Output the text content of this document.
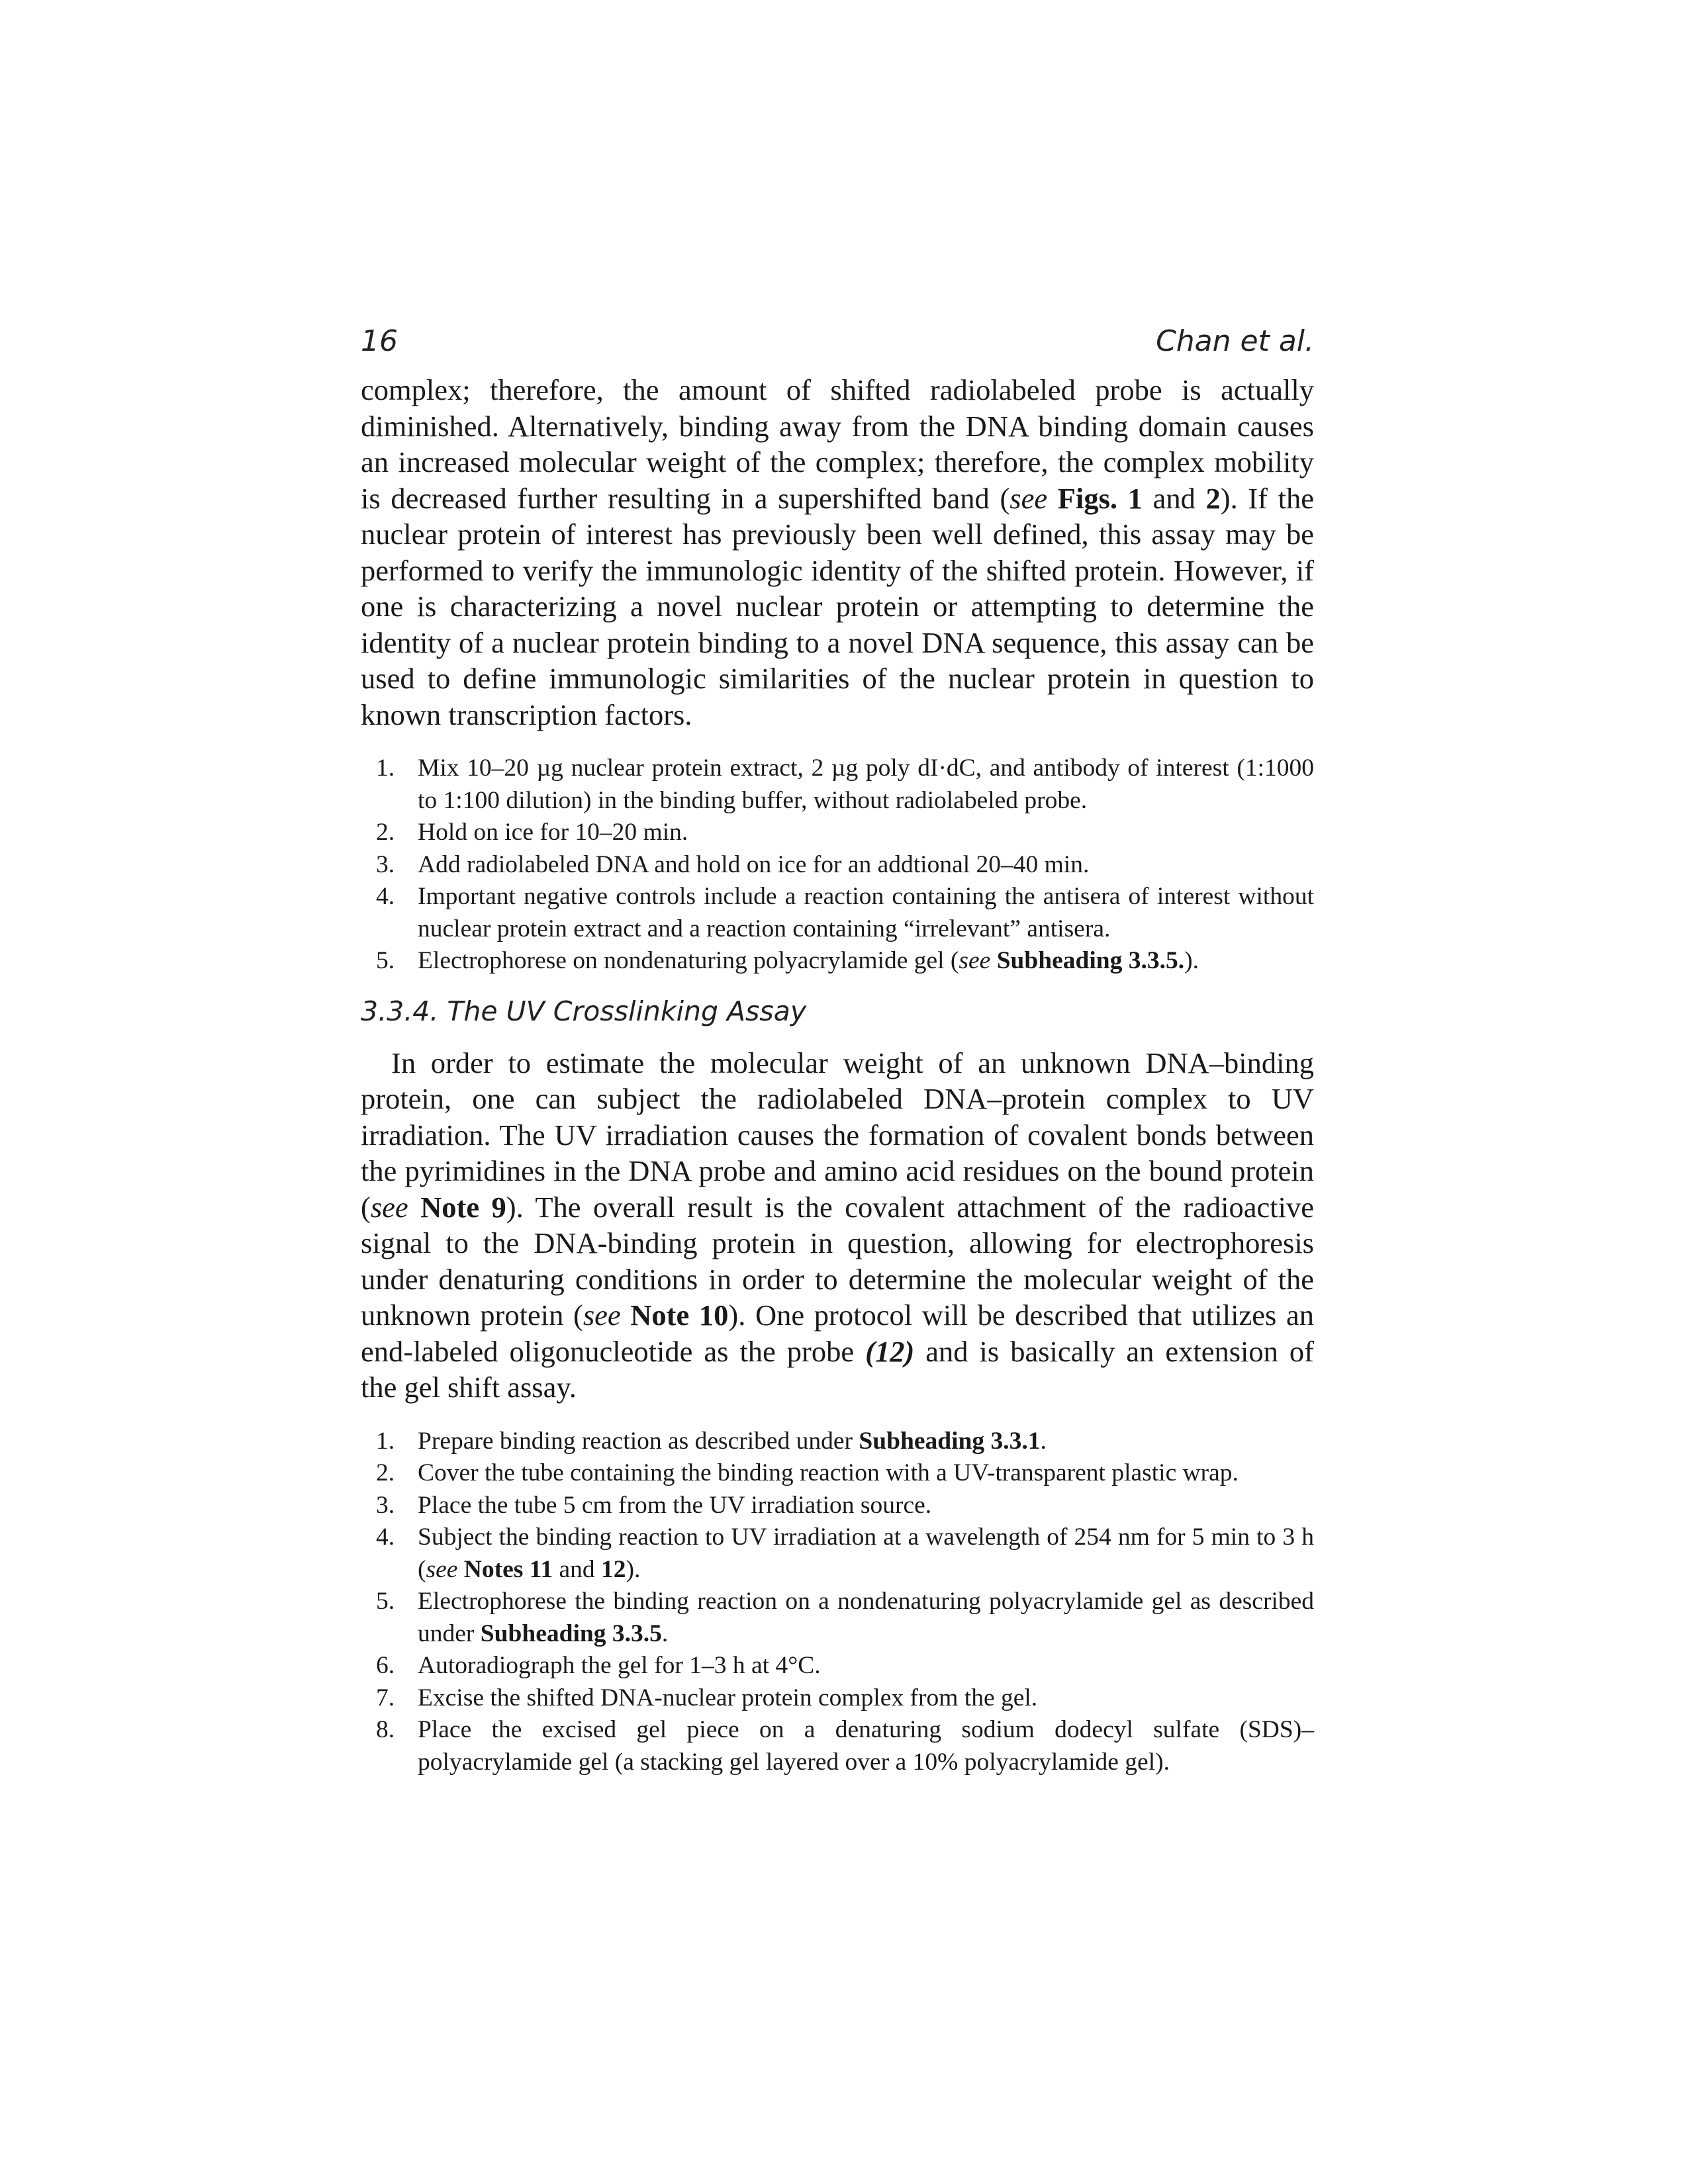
16	Chan et al.

complex; therefore, the amount of shifted radiolabeled probe is actually diminished. Alternatively, binding away from the DNA binding domain causes an increased molecular weight of the complex; therefore, the complex mobility is decreased further resulting in a supershifted band (see Figs. 1 and 2). If the nuclear protein of interest has previously been well defined, this assay may be performed to verify the immunologic identity of the shifted protein. However, if one is characterizing a novel nuclear protein or attempting to determine the identity of a nuclear protein binding to a novel DNA sequence, this assay can be used to define immunologic similarities of the nuclear protein in question to known transcription factors.

1. Mix 10–20 µg nuclear protein extract, 2 µg poly dI·dC, and antibody of interest (1:1000 to 1:100 dilution) in the binding buffer, without radiolabeled probe.
2. Hold on ice for 10–20 min.
3. Add radiolabeled DNA and hold on ice for an addtional 20–40 min.
4. Important negative controls include a reaction containing the antisera of interest without nuclear protein extract and a reaction containing “irrelevant” antisera.
5. Electrophorese on nondenaturing polyacrylamide gel (see Subheading 3.3.5.).
3.3.4. The UV Crosslinking Assay

In order to estimate the molecular weight of an unknown DNA–binding protein, one can subject the radiolabeled DNA–protein complex to UV irradiation. The UV irradiation causes the formation of covalent bonds between the pyrimidines in the DNA probe and amino acid residues on the bound protein (see Note 9). The overall result is the covalent attachment of the radioactive signal to the DNA-binding protein in question, allowing for electrophoresis under denaturing conditions in order to determine the molecular weight of the unknown protein (see Note 10). One protocol will be described that utilizes an end-labeled oligonucleotide as the probe (12) and is basically an extension of the gel shift assay.

1. Prepare binding reaction as described under Subheading 3.3.1.
2. Cover the tube containing the binding reaction with a UV-transparent plastic wrap.
3. Place the tube 5 cm from the UV irradiation source.
4. Subject the binding reaction to UV irradiation at a wavelength of 254 nm for 5 min to 3 h (see Notes 11 and 12).
5. Electrophorese the binding reaction on a nondenaturing polyacrylamide gel as described under Subheading 3.3.5.
6. Autoradiograph the gel for 1–3 h at 4°C.
7. Excise the shifted DNA-nuclear protein complex from the gel.
8. Place the excised gel piece on a denaturing sodium dodecyl sulfate (SDS)–polyacrylamide gel (a stacking gel layered over a 10% polyacrylamide gel).
